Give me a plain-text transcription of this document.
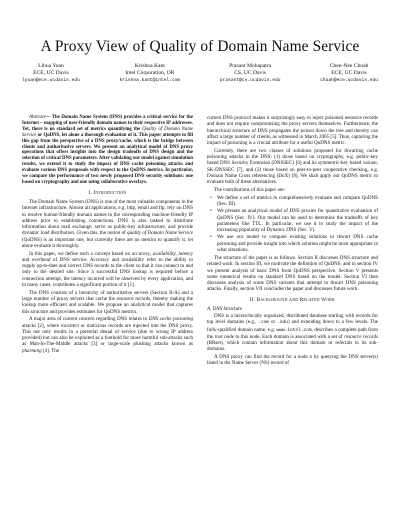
A Proxy View of Quality of Domain Name Service
Lihua Yuan
ECE, UC Davis
lyuan@ece.ucdavis.edu
Krishna Kant
Intel Corporation, OR
krishna.kant@intel.com
Prasant Mohapatra
CS, UC Davis
prasant@cs.ucdavis.edu
Chen-Nee Chuah
ECE, UC Davis
chuah@ece.ucdavis.edu

Abstract— The Domain Name System (DNS) provides a critical service for the Internet – mapping of user-friendly domain names to their respective IP addresses. Yet, there is no standard set of metrics quantifying the Quality of Domain Name Service or QoDNS, let alone a thorough evaluation of it. This paper attempts to fill this gap from the perspective of a DNS proxy/cache, which is the bridge between clients and authoritative servers. We present an analytical model of DNS proxy operations that offers insights into the design tradeoffs of DNS design and the selection of critical DNS parameters. After validating our model against simulation results, we extend it to study the impact of DNS cache poisoning attacks and evaluate various DNS proposals with respect to the QoDNS metrics. In particular, we compare the performance of two newly proposed DNS security solutions: one based on cryptography and one using collaborative overlays.

I. Introduction

The Domain Name System (DNS) is one of the most valuable components in the Internet infrastructure. Almost all applications, e.g. http, email and ftp, rely on DNS to resolve human-friendly domain names to the corresponding machine-friendly IP address prior to establishing connections. DNS is also tasked to distribute information about mail exchange, serve as public-key infrastructure, and provide dynamic load distribution. Given this, the notion of quality of Domain Name Service (QoDNS) is an important one, but currently there are no metrics to quantify it, let alone evaluate it thoroughly.

In this paper, we define such a concept based on accuracy, availability, latency and overhead of DNS service. Accuracy and availability refer to the ability to supply up-to-date and correct DNS records to the client so that it can connect to and only to the desired site. Since a successful DNS lookup is required before a connection attempt, the latency incurred will be observed by every application, and in many cases, contributes a significant portion of it [1].

The DNS consists of a hierarchy of authoritative servers (Section II-A) and a large number of proxy servers that cache the resource records, thereby making the lookup more efficient and scalable. We propose an analytical model that captures this structure and provides estimates for QoDNS metrics.

A major area of current concern regarding DNS relates to DNS cache poisoning attacks [2], where incorrect or malicious records are injected into the DNS proxy. This not only results in a potential denial of service (due to wrong IP address provided) but can also be exploited as a foothold for more harmful sub-attacks such as Man-In-The-Middle attacks [3] or large-scale phishing attacks known as pharming [4]. The

current DNS protocol makes it surprisingly easy to inject poisoned resource records and does not require compromising the proxy servers themselves. Furthermore, the hierarchical structure of DNS propagates the poison down the tree and thereby can affect a large number of clients, as witnessed in March 2005 [5]. Thus, capturing the impact of poisoning is a crucial attribute for a useful QoDNS metric.

Currently, there are two classes of solutions proposed for thwarting cache poisoning attacks in the DNS: (1) those based on cryptography, e.g. public-key based DNS Security Extension (DNSSEC) [6] and its symmetric-key based variant, SK-DNSSEC [7], and (2) those based on peer-to-peer cooperative checking, e.g. Domain Name Cross referencing (DoX) [8]. We shall apply our QoDNS metric to evaluate both of these alternatives.

The contributions of this paper are:

• We define a set of metrics to comprehensively evaluate and compare QoDNS (Sec. III).
• We present an analytical model of DNS proxies for quantitative evaluation of QoDNS (Sec. IV). Our model can be used to determine the tradeoffs of key parameters like TTL. In particular, we use it to study the impact of the increasing popularity of Dynamic DNS (Sec. V).
• We use our model to compare existing solutions to thwart DNS cache poisoning and provide insight into which solution might be most appropriate in what situations.

The structure of the paper is as follows. Section II discusses DNS structure and related work. In section III, we motivate the definition of QoDNS, and in section IV we present analysis of basic DNS from QoDNS perspective. Section V presents some numerical results on standard DNS based on the model. Section VI then discusses analysis of some DNS variants that attempt to thwart DNS poisoning attacks. Finally, section VII concludes the paper and discusses future work.

II. Background and Related Work
A. DNS Structure

DNS is a hierarchically organized, distributed database starting with records for top level domains (e.g., .com or .edu) and extending down to a few levels. The fully-qualified domain name, e.g. www.intel.com, describes a complete path from the root node to this node. Each domain is associated with a set of resource records (RRset), which contain information about this domain or referrals to its sub-domains.

A DNS proxy can find the record for a node n by querying the DNS server(s) listed in the Name Server (NS) record of
